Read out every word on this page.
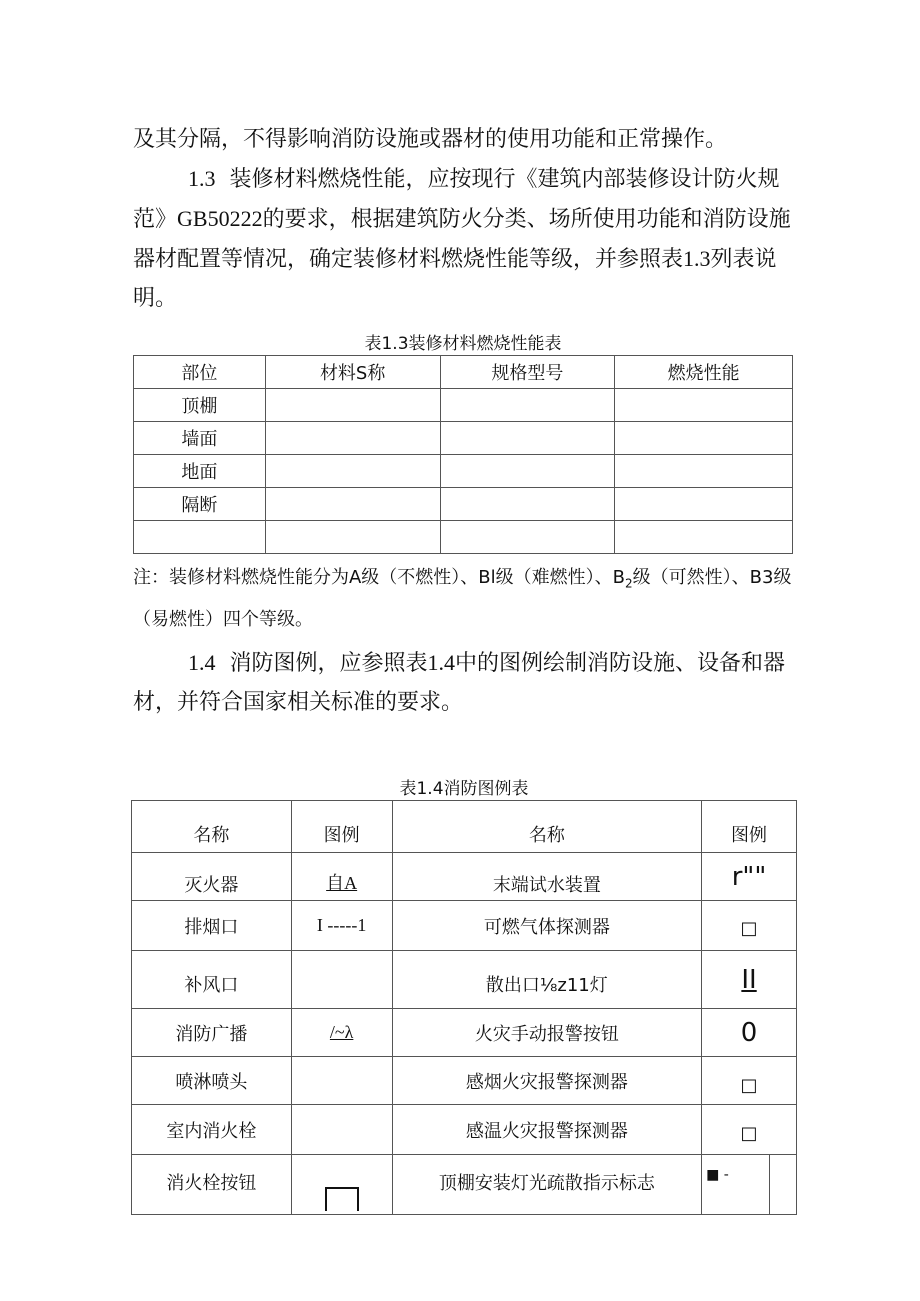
及其分隔，不得影响消防设施或器材的使用功能和正常操作。

1.3 装修材料燃烧性能，应按现行《建筑内部装修设计防火规范》GB50222的要求，根据建筑防火分类、场所使用功能和消防设施器材配置等情况，确定装修材料燃烧性能等级，并参照表1.3列表说明。

表1.3装修材料燃烧性能表
部位	材料S称	规格型号	燃烧性能
顶棚			
墙面			
地面			
隔断			

注：装修材料燃烧性能分为A级（不燃性）、Bl级（难燃性）、$B_2$级（可然性）、B3级（易燃性）四个等级。

1.4 消防图例，应参照表1.4中的图例绘制消防设施、设备和器材，并符合国家相关标准的要求。

表1.4消防图例表
名称	图例	名称	图例
灭火器	自A	末端试水装置	r""
排烟口	I -----1	可燃气体探测器	□
补风口		散出口⅛z11灯	II
消防广播	/~λ	火灾手动报警按钮	0
喷淋喷头		感烟火灾报警探测器	□
室内消火栓		感温火灾报警探测器	□
消火栓按钮		顶棚安装灯光疏散指示标志	■ -
